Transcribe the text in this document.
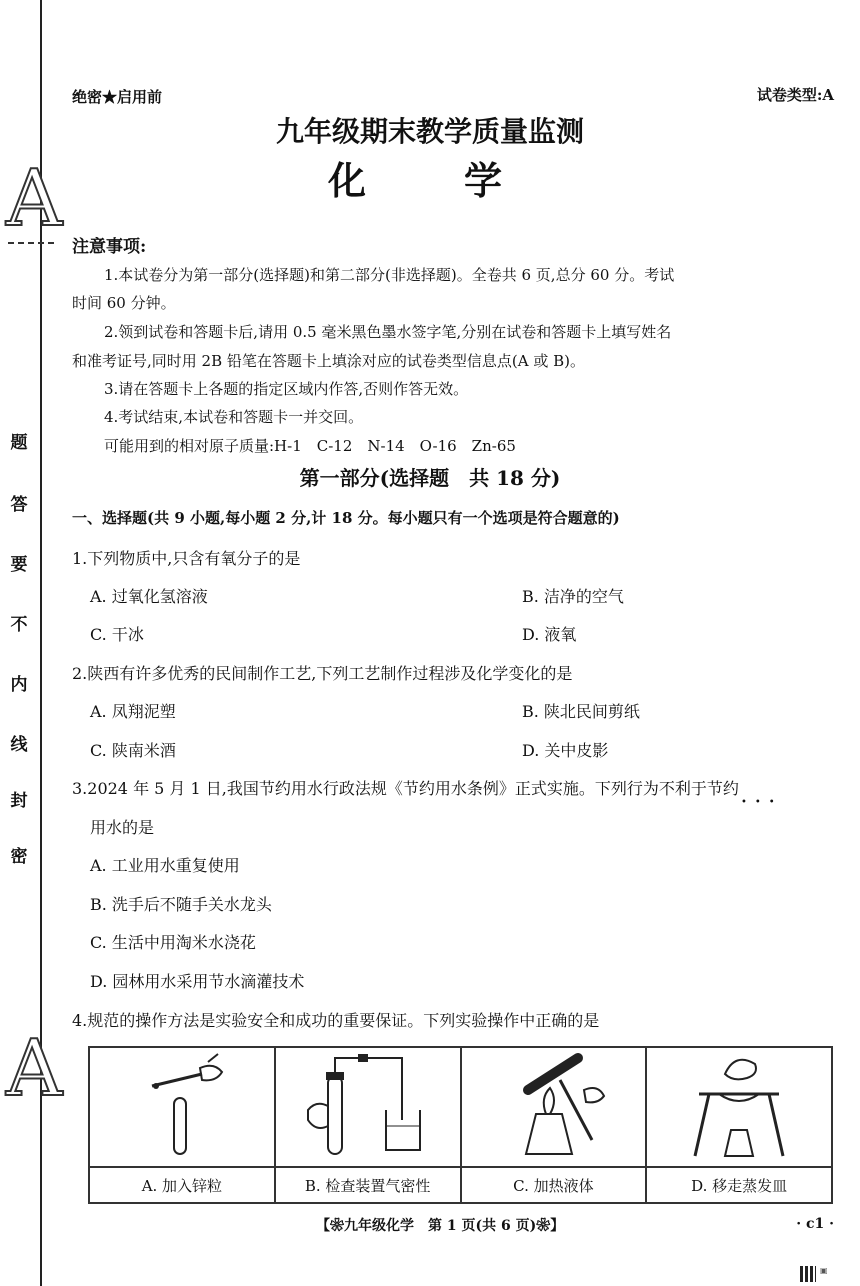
A
A
题
答
要
不
内
线
封
密
绝密★启用前	试卷类型:A
九年级期末教学质量监测
化　学
注意事项:
1.本试卷分为第一部分(选择题)和第二部分(非选择题)。全卷共 6 页,总分 60 分。考试
时间 60 分钟。
2.领到试卷和答题卡后,请用 0.5 毫米黑色墨水签字笔,分别在试卷和答题卡上填写姓名
和准考证号,同时用 2B 铅笔在答题卡上填涂对应的试卷类型信息点(A 或 B)。
3.请在答题卡上各题的指定区域内作答,否则作答无效。
4.考试结束,本试卷和答题卡一并交回。
可能用到的相对原子质量:H-1　C-12　N-14　O-16　Zn-65
第一部分(选择题　共 18 分)
一、选择题(共 9 小题,每小题 2 分,计 18 分。每小题只有一个选项是符合题意的)
1.下列物质中,只含有氧分子的是
A. 过氧化氢溶液	B. 洁净的空气
C. 干冰	D. 液氧
2.陕西有许多优秀的民间制作工艺,下列工艺制作过程涉及化学变化的是
A. 凤翔泥塑	B. 陕北民间剪纸
C. 陕南米酒	D. 关中皮影
3.2024 年 5 月 1 日,我国节约用水行政法规《节约用水条例》正式实施。下列行为不利于节约
•••
用水的是
A. 工业用水重复使用
B. 洗手后不随手关水龙头
C. 生活中用淘米水浇花
D. 园林用水采用节水滴灌技术
4.规范的操作方法是实验安全和成功的重要保证。下列实验操作中正确的是

A. 加入锌粒	B. 检查装置气密性	C. 加热液体	D. 移走蒸发皿
【❀九年级化学　第 1 页(共 6 页)❀】	· c1 ·
▣
